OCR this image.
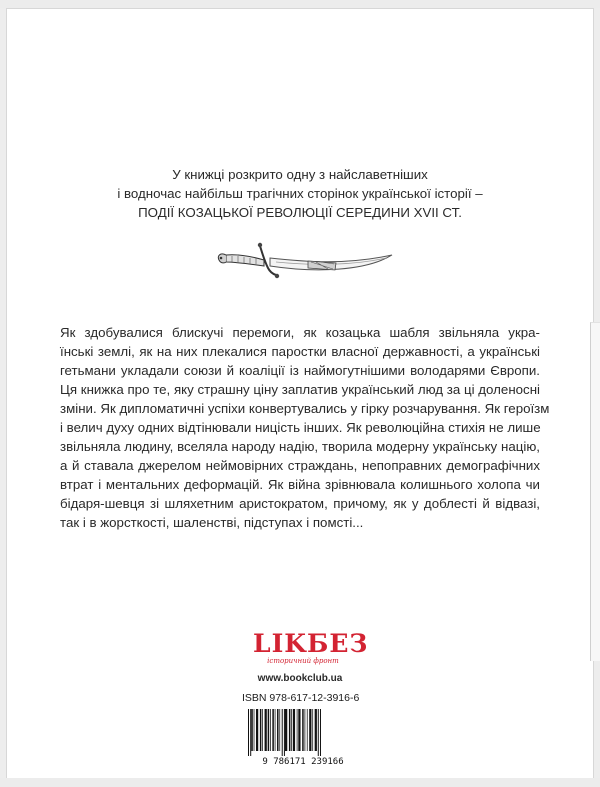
У книжці розкрито одну з найславетніших
і водночас найбільш трагічних сторінок української історії –
ПОДІЇ КОЗАЦЬКОЇ РЕВОЛЮЦІЇ СЕРЕДИНИ XVII СТ.
Як здобувалися блискучі перемоги, як козацька шабля звільняла укра-
їнські землі, як на них плекалися паростки власної державності, а українські
гетьмани укладали союзи й коаліції із наймогутнішими володарями Європи.
Ця книжка про те, яку страшну ціну заплатив український люд за ці доленосні
зміни. Як дипломатичні успіхи конвертувались у гірку розчарування. Як героїзм
і велич духу одних відтінювали ницість інших. Як революційна стихія не лише
звільняла людину, вселяла народу надію, творила модерну українську націю,
а й ставала джерелом неймовірних страждань, непоправних демографічних
втрат і ментальних деформацій. Як війна зрівнювала колишнього холопа чи
бідаря-шевця зі шляхетним аристократом, причому, як у доблесті й відвазі,
так і в жорсткості, шаленстві, підступах і помсті...
LIKБEЗ
історичний фронт
www.bookclub.ua
ISBN 978-617-12-3916-6
9 786171 239166
